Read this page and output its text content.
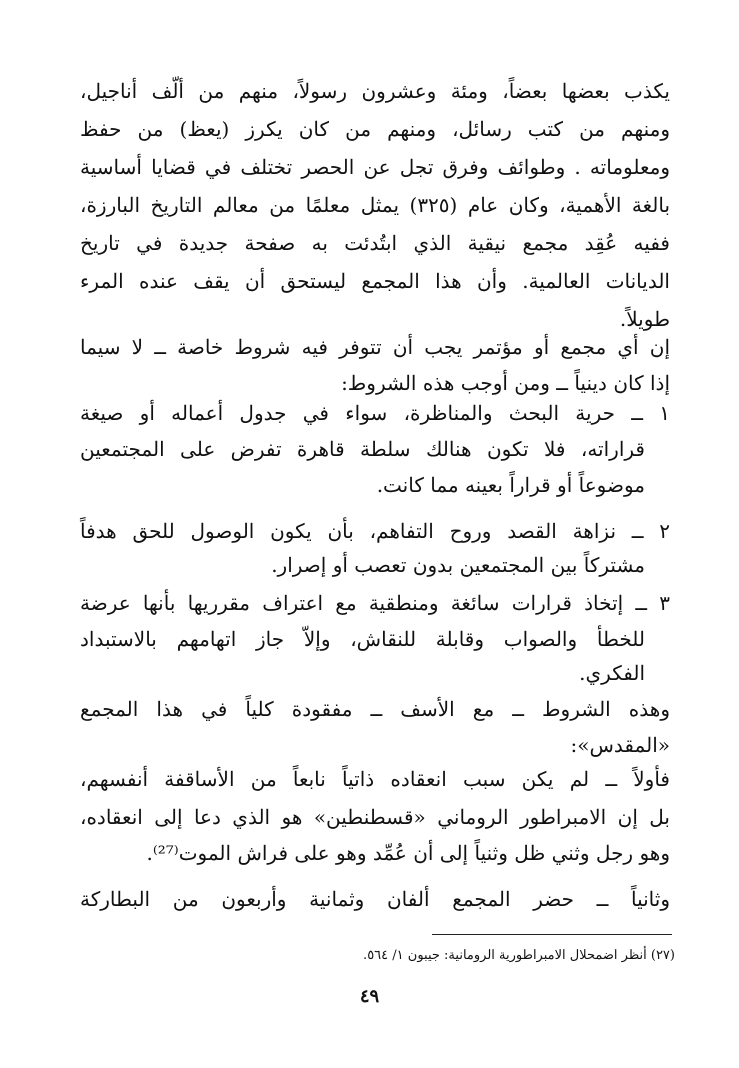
يكذب بعضها بعضاً، ومئة وعشرون رسولاً، منهم من ألّف أناجيل،
ومنهم من كتب رسائل، ومنهم من كان يكرز (يعظ) من حفظ
ومعلوماته . وطوائف وفرق تجل عن الحصر تختلف في قضايا أساسية
بالغة الأهمية، وكان عام (٣٢٥) يمثل معلمًا من معالم التاريخ البارزة،
ففيه عُقِد مجمع نيقية الذي ابتُدئت به صفحة جديدة في تاريخ
الديانات العالمية. وأن هذا المجمع ليستحق أن يقف عنده المرء
طويلاً.
إن أي مجمع أو مؤتمر يجب أن تتوفر فيه شروط خاصة ــ لا سيما
إذا كان دينياً ــ ومن أوجب هذه الشروط:
١ ــ حرية البحث والمناظرة، سواء في جدول أعماله أو صيغة
قراراته، فلا تكون هنالك سلطة قاهرة تفرض على المجتمعين
موضوعاً أو قراراً بعينه مما كانت.
٢ ــ نزاهة القصد وروح التفاهم، بأن يكون الوصول للحق هدفاً
مشتركاً بين المجتمعين بدون تعصب أو إصرار.
٣ ــ إتخاذ قرارات سائغة ومنطقية مع اعتراف مقرريها بأنها عرضة
للخطأ والصواب وقابلة للنقاش، وإلاّ جاز اتهامهم بالاستبداد
الفكري.
وهذه الشروط ــ مع الأسف ــ مفقودة كلياً في هذا المجمع
«المقدس»:
فأولاً ــ لم يكن سبب انعقاده ذاتياً نابعاً من الأساقفة أنفسهم،
بل إن الامبراطور الروماني «قسطنطين» هو الذي دعا إلى انعقاده،
وهو رجل وثني ظل وثنياً إلى أن عُمِّد وهو على فراش الموت⁽²⁷⁾.
وثانياً ــ حضر المجمع ألفان وثمانية وأربعون من البطاركة
(٢٧) أنظر اضمحلال الامبراطورية الرومانية: جيبون ١/ ٥٦٤.
٤٩
